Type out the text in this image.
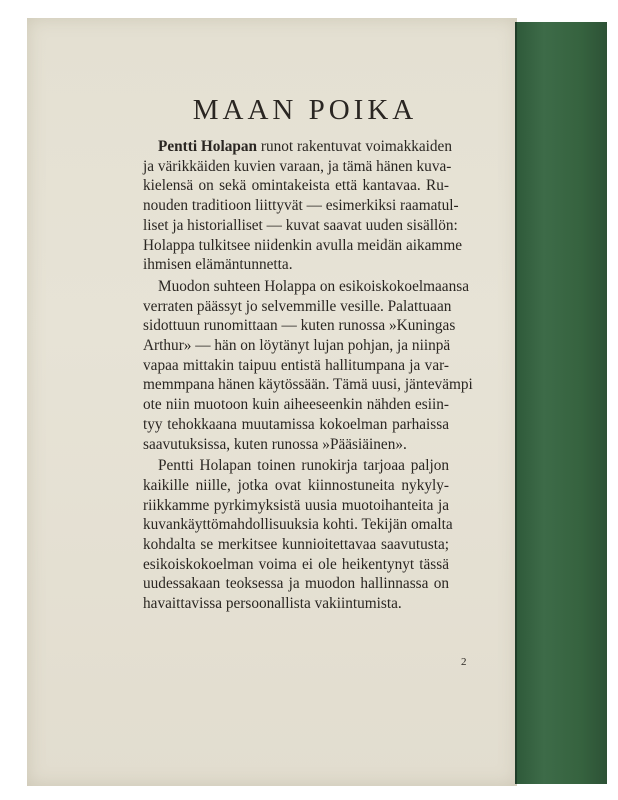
MAAN POIKA
Pentti Holapan runot rakentuvat voimakkaiden
ja värikkäiden kuvien varaan, ja tämä hänen kuva-
kielensä on sekä omintakeista että kantavaa. Ru-
nouden traditioon liittyvät — esimerkiksi raamatul-
liset ja historialliset — kuvat saavat uuden sisällön:
Holappa tulkitsee niidenkin avulla meidän aikamme
ihmisen elämäntunnetta.
Muodon suhteen Holappa on esikoiskokoelmaansa
verraten päässyt jo selvemmille vesille. Palattuaan
sidottuun runomittaan — kuten runossa »Kuningas
Arthur» — hän on löytänyt lujan pohjan, ja niinpä
vapaa mittakin taipuu entistä hallitumpana ja var-
memmpana hänen käytössään. Tämä uusi, jäntevämpi
ote niin muotoon kuin aiheeseenkin nähden esiin-
tyy tehokkaana muutamissa kokoelman parhaissa
saavutuksissa, kuten runossa »Pääsiäinen».
Pentti Holapan toinen runokirja tarjoaa paljon
kaikille niille, jotka ovat kiinnostuneita nykyly-
riikkamme pyrkimyksistä uusia muotoihanteita ja
kuvankäyttömahdollisuuksia kohti. Tekijän omalta
kohdalta se merkitsee kunnioitettavaa saavutusta;
esikoiskokoelman voima ei ole heikentynyt tässä
uudessakaan teoksessa ja muodon hallinnassa on
havaittavissa persoonallista vakiintumista.
2
